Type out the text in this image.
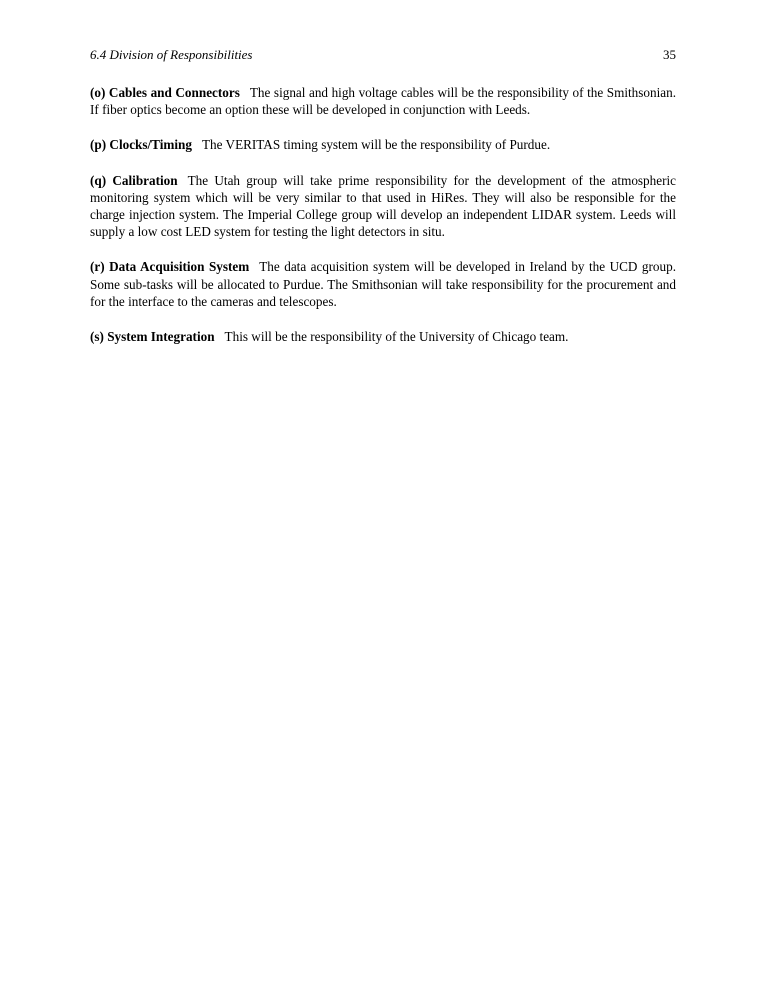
6.4 Division of Responsibilities	35

(o) Cables and Connectors The signal and high voltage cables will be the responsibility of the Smithsonian. If fiber optics become an option these will be developed in conjunction with Leeds.

(p) Clocks/Timing The VERITAS timing system will be the responsibility of Purdue.

(q) Calibration The Utah group will take prime responsibility for the development of the atmospheric monitoring system which will be very similar to that used in HiRes. They will also be responsible for the charge injection system. The Imperial College group will develop an independent LIDAR system. Leeds will supply a low cost LED system for testing the light detectors in situ.

(r) Data Acquisition System The data acquisition system will be developed in Ireland by the UCD group. Some sub-tasks will be allocated to Purdue. The Smithsonian will take responsibility for the procurement and for the interface to the cameras and telescopes.

(s) System Integration This will be the responsibility of the University of Chicago team.
